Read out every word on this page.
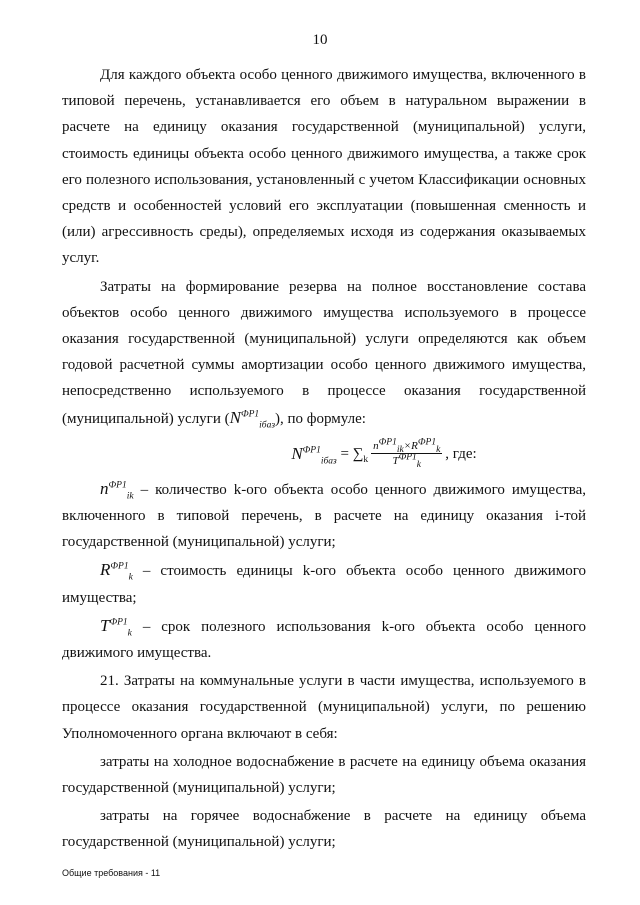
10

Для каждого объекта особо ценного движимого имущества, включенного в типовой перечень, устанавливается его объем в натуральном выражении в расчете на единицу оказания государственной (муниципальной) услуги, стоимость единицы объекта особо ценного движимого имущества, а также срок его полезного использования, установленный с учетом Классификации основных средств и особенностей условий его эксплуатации (повышенная сменность и (или) агрессивность среды), определяемых исходя из содержания оказываемых услуг.

Затраты на формирование резерва на полное восстановление состава объектов особо ценного движимого имущества используемого в процессе оказания государственной (муниципальной) услуги определяются как объем годовой расчетной суммы амортизации особо ценного движимого имущества, непосредственно используемого в процессе оказания государственной (муниципальной) услуги $(N^{ФР1}_{iбаз})$, по формуле:

$N^{ФР1}_{iбаз} = \sum_k \frac{n^{ФР1}_{ik}\times R^{ФР1}_k}{T^{ФР1}_k}$ , где:

$n^{ФР1}_{ik}$ – количество k-ого объекта особо ценного движимого имущества, включенного в типовой перечень, в расчете на единицу оказания i-той государственной (муниципальной) услуги;

$R^{ФР1}_k$ – стоимость единицы k-ого объекта особо ценного движимого имущества;

$T^{ФР1}_k$ – срок полезного использования k-ого объекта особо ценного движимого имущества.

21. Затраты на коммунальные услуги в части имущества, используемого в процессе оказания государственной (муниципальной) услуги, по решению Уполномоченного органа включают в себя:

затраты на холодное водоснабжение в расчете на единицу объема оказания государственной (муниципальной) услуги;

затраты на горячее водоснабжение в расчете на единицу объема государственной (муниципальной) услуги;

Общие требования - 11
